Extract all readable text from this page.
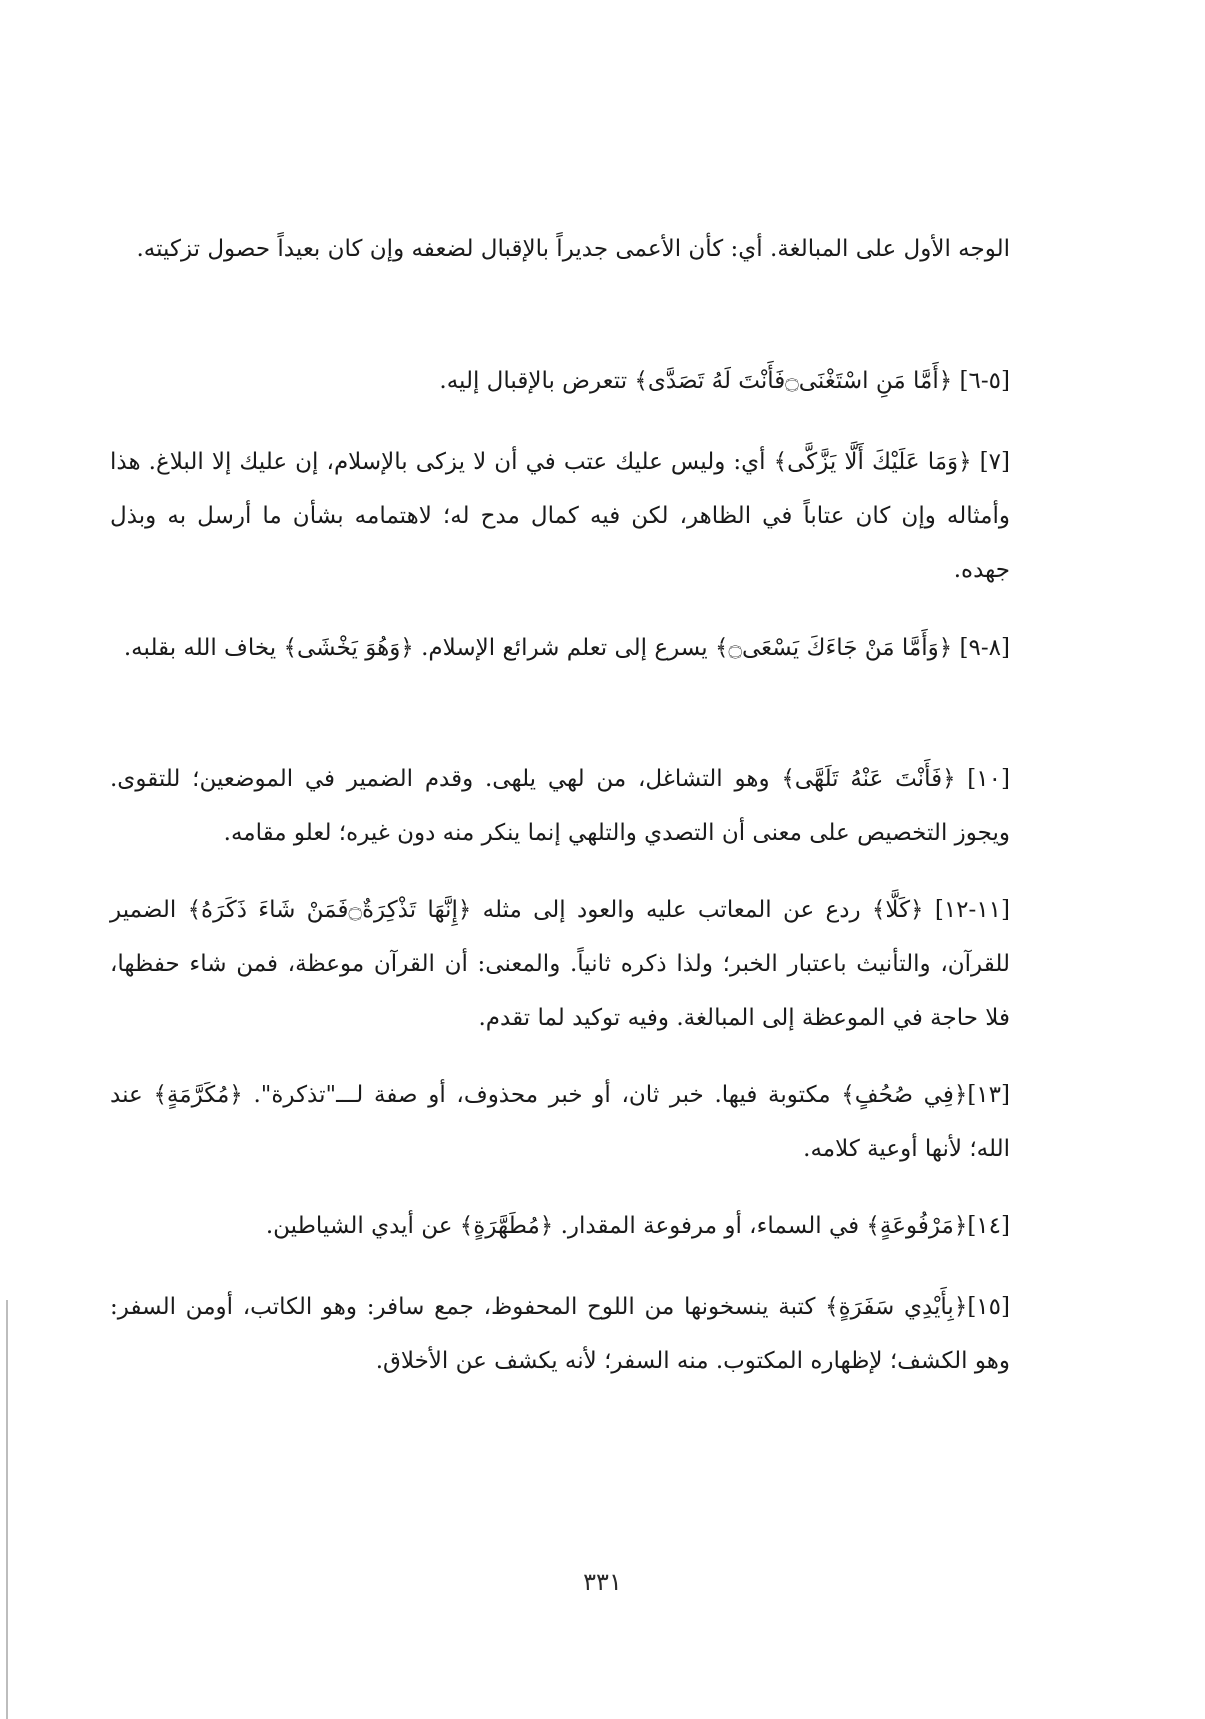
الوجه الأول على المبالغة. أي: كأن الأعمى جديراً بالإقبال لضعفه وإن كان بعيداً حصول تزكيته.

[٥-٦] ﴿أَمَّا مَنِ اسْتَغْنَى۝فَأَنْتَ لَهُ تَصَدَّى﴾ تتعرض بالإقبال إليه.

[٧] ﴿وَمَا عَلَيْكَ أَلَّا يَزَّكَّى﴾ أي: وليس عليك عتب في أن لا يزكى بالإسلام، إن عليك إلا البلاغ. هذا وأمثاله وإن كان عتاباً في الظاهر، لكن فيه كمال مدح له؛ لاهتمامه بشأن ما أرسل به وبذل جهده.

[٨-٩] ﴿وَأَمَّا مَنْ جَاءَكَ يَسْعَى۝﴾ يسرع إلى تعلم شرائع الإسلام. ﴿وَهُوَ يَخْشَى﴾ يخاف الله بقلبه.

[١٠] ﴿فَأَنْتَ عَنْهُ تَلَهَّى﴾ وهو التشاغل، من لهي يلهى. وقدم الضمير في الموضعين؛ للتقوى. ويجوز التخصيص على معنى أن التصدي والتلهي إنما ينكر منه دون غيره؛ لعلو مقامه.

[١١-١٢] ﴿كَلَّا﴾ ردع عن المعاتب عليه والعود إلى مثله ﴿إِنَّهَا تَذْكِرَةٌ۝فَمَنْ شَاءَ ذَكَرَهُ﴾ الضمير للقرآن، والتأنيث باعتبار الخبر؛ ولذا ذكره ثانياً. والمعنى: أن القرآن موعظة، فمن شاء حفظها، فلا حاجة في الموعظة إلى المبالغة. وفيه توكيد لما تقدم.

[١٣]﴿فِي صُحُفٍ﴾ مكتوبة فيها. خبر ثان، أو خبر محذوف، أو صفة لـــ"تذكرة". ﴿مُكَرَّمَةٍ﴾ عند الله؛ لأنها أوعية كلامه.

[١٤]﴿مَرْفُوعَةٍ﴾ في السماء، أو مرفوعة المقدار. ﴿مُطَهَّرَةٍ﴾ عن أيدي الشياطين.

[١٥]﴿بِأَيْدِي سَفَرَةٍ﴾ كتبة ينسخونها من اللوح المحفوظ، جمع سافر: وهو الكاتب، أومن السفر: وهو الكشف؛ لإظهاره المكتوب. منه السفر؛ لأنه يكشف عن الأخلاق.

٣٣١
